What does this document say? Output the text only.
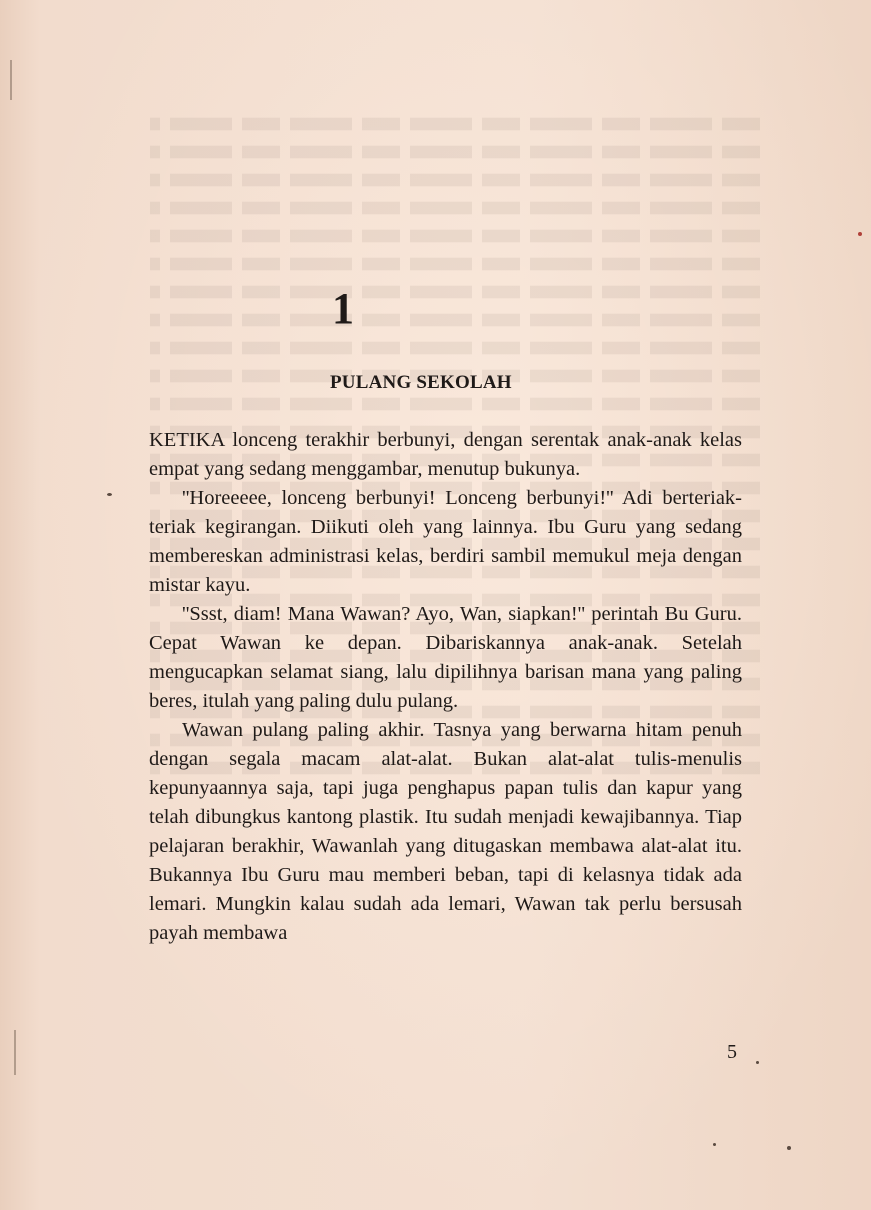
1
PULANG SEKOLAH

KETIKA lonceng terakhir berbunyi, dengan serentak anak-anak kelas empat yang sedang menggambar, menutup bukunya.

''Horeeeee, lonceng berbunyi! Lonceng berbunyi!'' Adi berteriak-teriak kegirangan. Diikuti oleh yang lainnya. Ibu Guru yang sedang membereskan administrasi kelas, berdiri sambil memukul meja dengan mistar kayu.

''Ssst, diam! Mana Wawan? Ayo, Wan, siapkan!'' perintah Bu Guru. Cepat Wawan ke depan. Dibariskannya anak-anak. Setelah mengucapkan selamat siang, lalu dipilihnya barisan mana yang paling beres, itulah yang paling dulu pulang.

Wawan pulang paling akhir. Tasnya yang berwarna hitam penuh dengan segala macam alat-alat. Bukan alat-alat tulis-menulis kepunyaannya saja, tapi juga penghapus papan tulis dan kapur yang telah dibungkus kantong plastik. Itu sudah menjadi kewajibannya. Tiap pelajaran berakhir, Wawanlah yang ditugaskan membawa alat-alat itu. Bukannya Ibu Guru mau memberi beban, tapi di kelasnya tidak ada lemari. Mungkin kalau sudah ada lemari, Wawan tak perlu bersusah payah membawa

5
